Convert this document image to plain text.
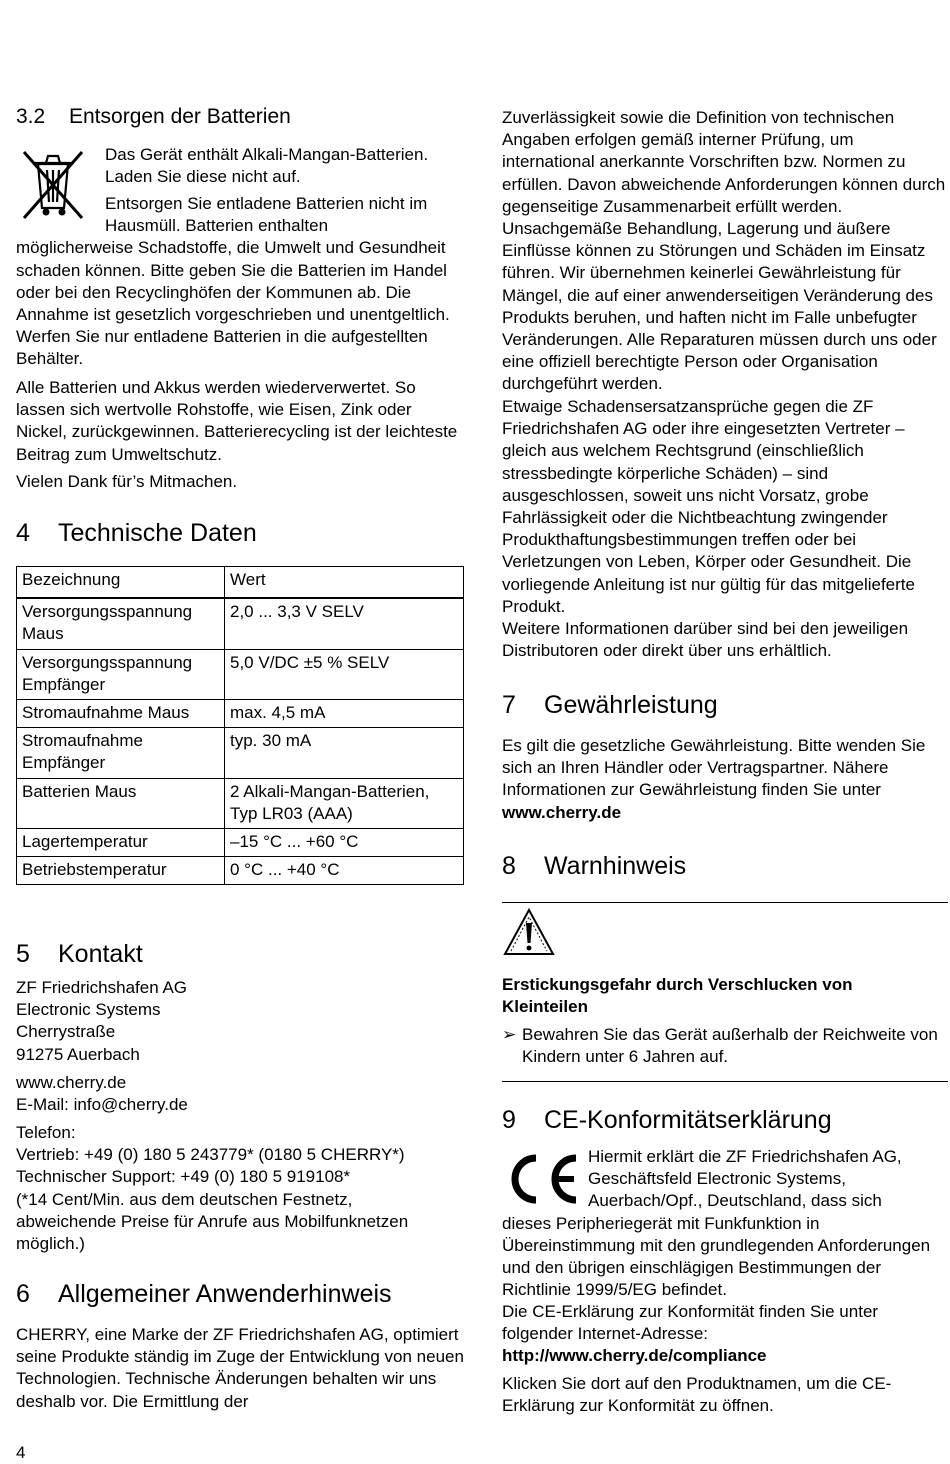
3.2 Entsorgen der Batterien

Das Gerät enthält Alkali-Mangan-Batterien.
Laden Sie diese nicht auf.

Entsorgen Sie entladene Batterien nicht im
Hausmüll. Batterien enthalten
möglicherweise Schadstoffe, die Umwelt und Gesundheit schaden können. Bitte geben Sie die Batterien im Handel oder bei den Recyclinghöfen der Kommunen ab. Die Annahme ist gesetzlich vorgeschrieben und unentgeltlich. Werfen Sie nur entladene Batterien in die aufgestellten Behälter.

Alle Batterien und Akkus werden wiederverwertet. So lassen sich wertvolle Rohstoffe, wie Eisen, Zink oder Nickel, zurückgewinnen. Batterierecycling ist der leichteste Beitrag zum Umweltschutz.

Vielen Dank für’s Mitmachen.

4 Technische Daten
Bezeichnung	Wert
Versorgungsspannung Maus	2,0 ... 3,3 V SELV
Versorgungsspannung Empfänger	5,0 V/DC ±5 % SELV
Stromaufnahme Maus	max. 4,5 mA
Stromaufnahme Empfänger	typ. 30 mA
Batterien Maus	2 Alkali-Mangan-Batterien, Typ LR03 (AAA)
Lagertemperatur	–15 °C ... +60 °C
Betriebstemperatur	0 °C ... +40 °C
5 Kontakt

ZF Friedrichshafen AG
Electronic Systems
Cherrystraße
91275 Auerbach

www.cherry.de
E-Mail: info@cherry.de

Telefon:
Vertrieb: +49 (0) 180 5 243779* (0180 5 CHERRY*)
Technischer Support: +49 (0) 180 5 919108*
(*14 Cent/Min. aus dem deutschen Festnetz,
abweichende Preise für Anrufe aus Mobilfunknetzen
möglich.)

6 Allgemeiner Anwenderhinweis

CHERRY, eine Marke der ZF Friedrichshafen AG, optimiert seine Produkte ständig im Zuge der Entwicklung von neuen Technologien. Technische Änderungen behalten wir uns deshalb vor. Die Ermittlung der

4

Zuverlässigkeit sowie die Definition von technischen Angaben erfolgen gemäß interner Prüfung, um international anerkannte Vorschriften bzw. Normen zu erfüllen. Davon abweichende Anforderungen können durch gegenseitige Zusammenarbeit erfüllt werden. Unsachgemäße Behandlung, Lagerung und äußere Einflüsse können zu Störungen und Schäden im Einsatz führen. Wir übernehmen keinerlei Gewährleistung für Mängel, die auf einer anwenderseitigen Veränderung des Produkts beruhen, und haften nicht im Falle unbefugter Veränderungen. Alle Reparaturen müssen durch uns oder eine offiziell berechtigte Person oder Organisation durchgeführt werden.

Etwaige Schadensersatzansprüche gegen die ZF Friedrichshafen AG oder ihre eingesetzten Vertreter – gleich aus welchem Rechtsgrund (einschließlich stressbedingte körperliche Schäden) – sind ausgeschlossen, soweit uns nicht Vorsatz, grobe Fahrlässigkeit oder die Nichtbeachtung zwingender Produkthaftungsbestimmungen treffen oder bei Verletzungen von Leben, Körper oder Gesundheit. Die vorliegende Anleitung ist nur gültig für das mitgelieferte Produkt.

Weitere Informationen darüber sind bei den jeweiligen Distributoren oder direkt über uns erhältlich.

7 Gewährleistung

Es gilt die gesetzliche Gewährleistung. Bitte wenden Sie sich an Ihren Händler oder Vertragspartner. Nähere Informationen zur Gewährleistung finden Sie unter www.cherry.de

8 Warnhinweis

Erstickungsgefahr durch Verschlucken von Kleinteilen

➢ Bewahren Sie das Gerät außerhalb der Reichweite von Kindern unter 6 Jahren auf.
9 CE-Konformitätserklärung

Hiermit erklärt die ZF Friedrichshafen AG,
Geschäftsfeld Electronic Systems,
Auerbach/Opf., Deutschland, dass sich
dieses Peripheriegerät mit Funkfunktion in Übereinstimmung mit den grundlegenden Anforderungen und den übrigen einschlägigen Bestimmungen der Richtlinie 1999/5/EG befindet.

Die CE-Erklärung zur Konformität finden Sie unter folgender Internet-Adresse:
http://www.cherry.de/compliance

Klicken Sie dort auf den Produktnamen, um die CE-Erklärung zur Konformität zu öffnen.
